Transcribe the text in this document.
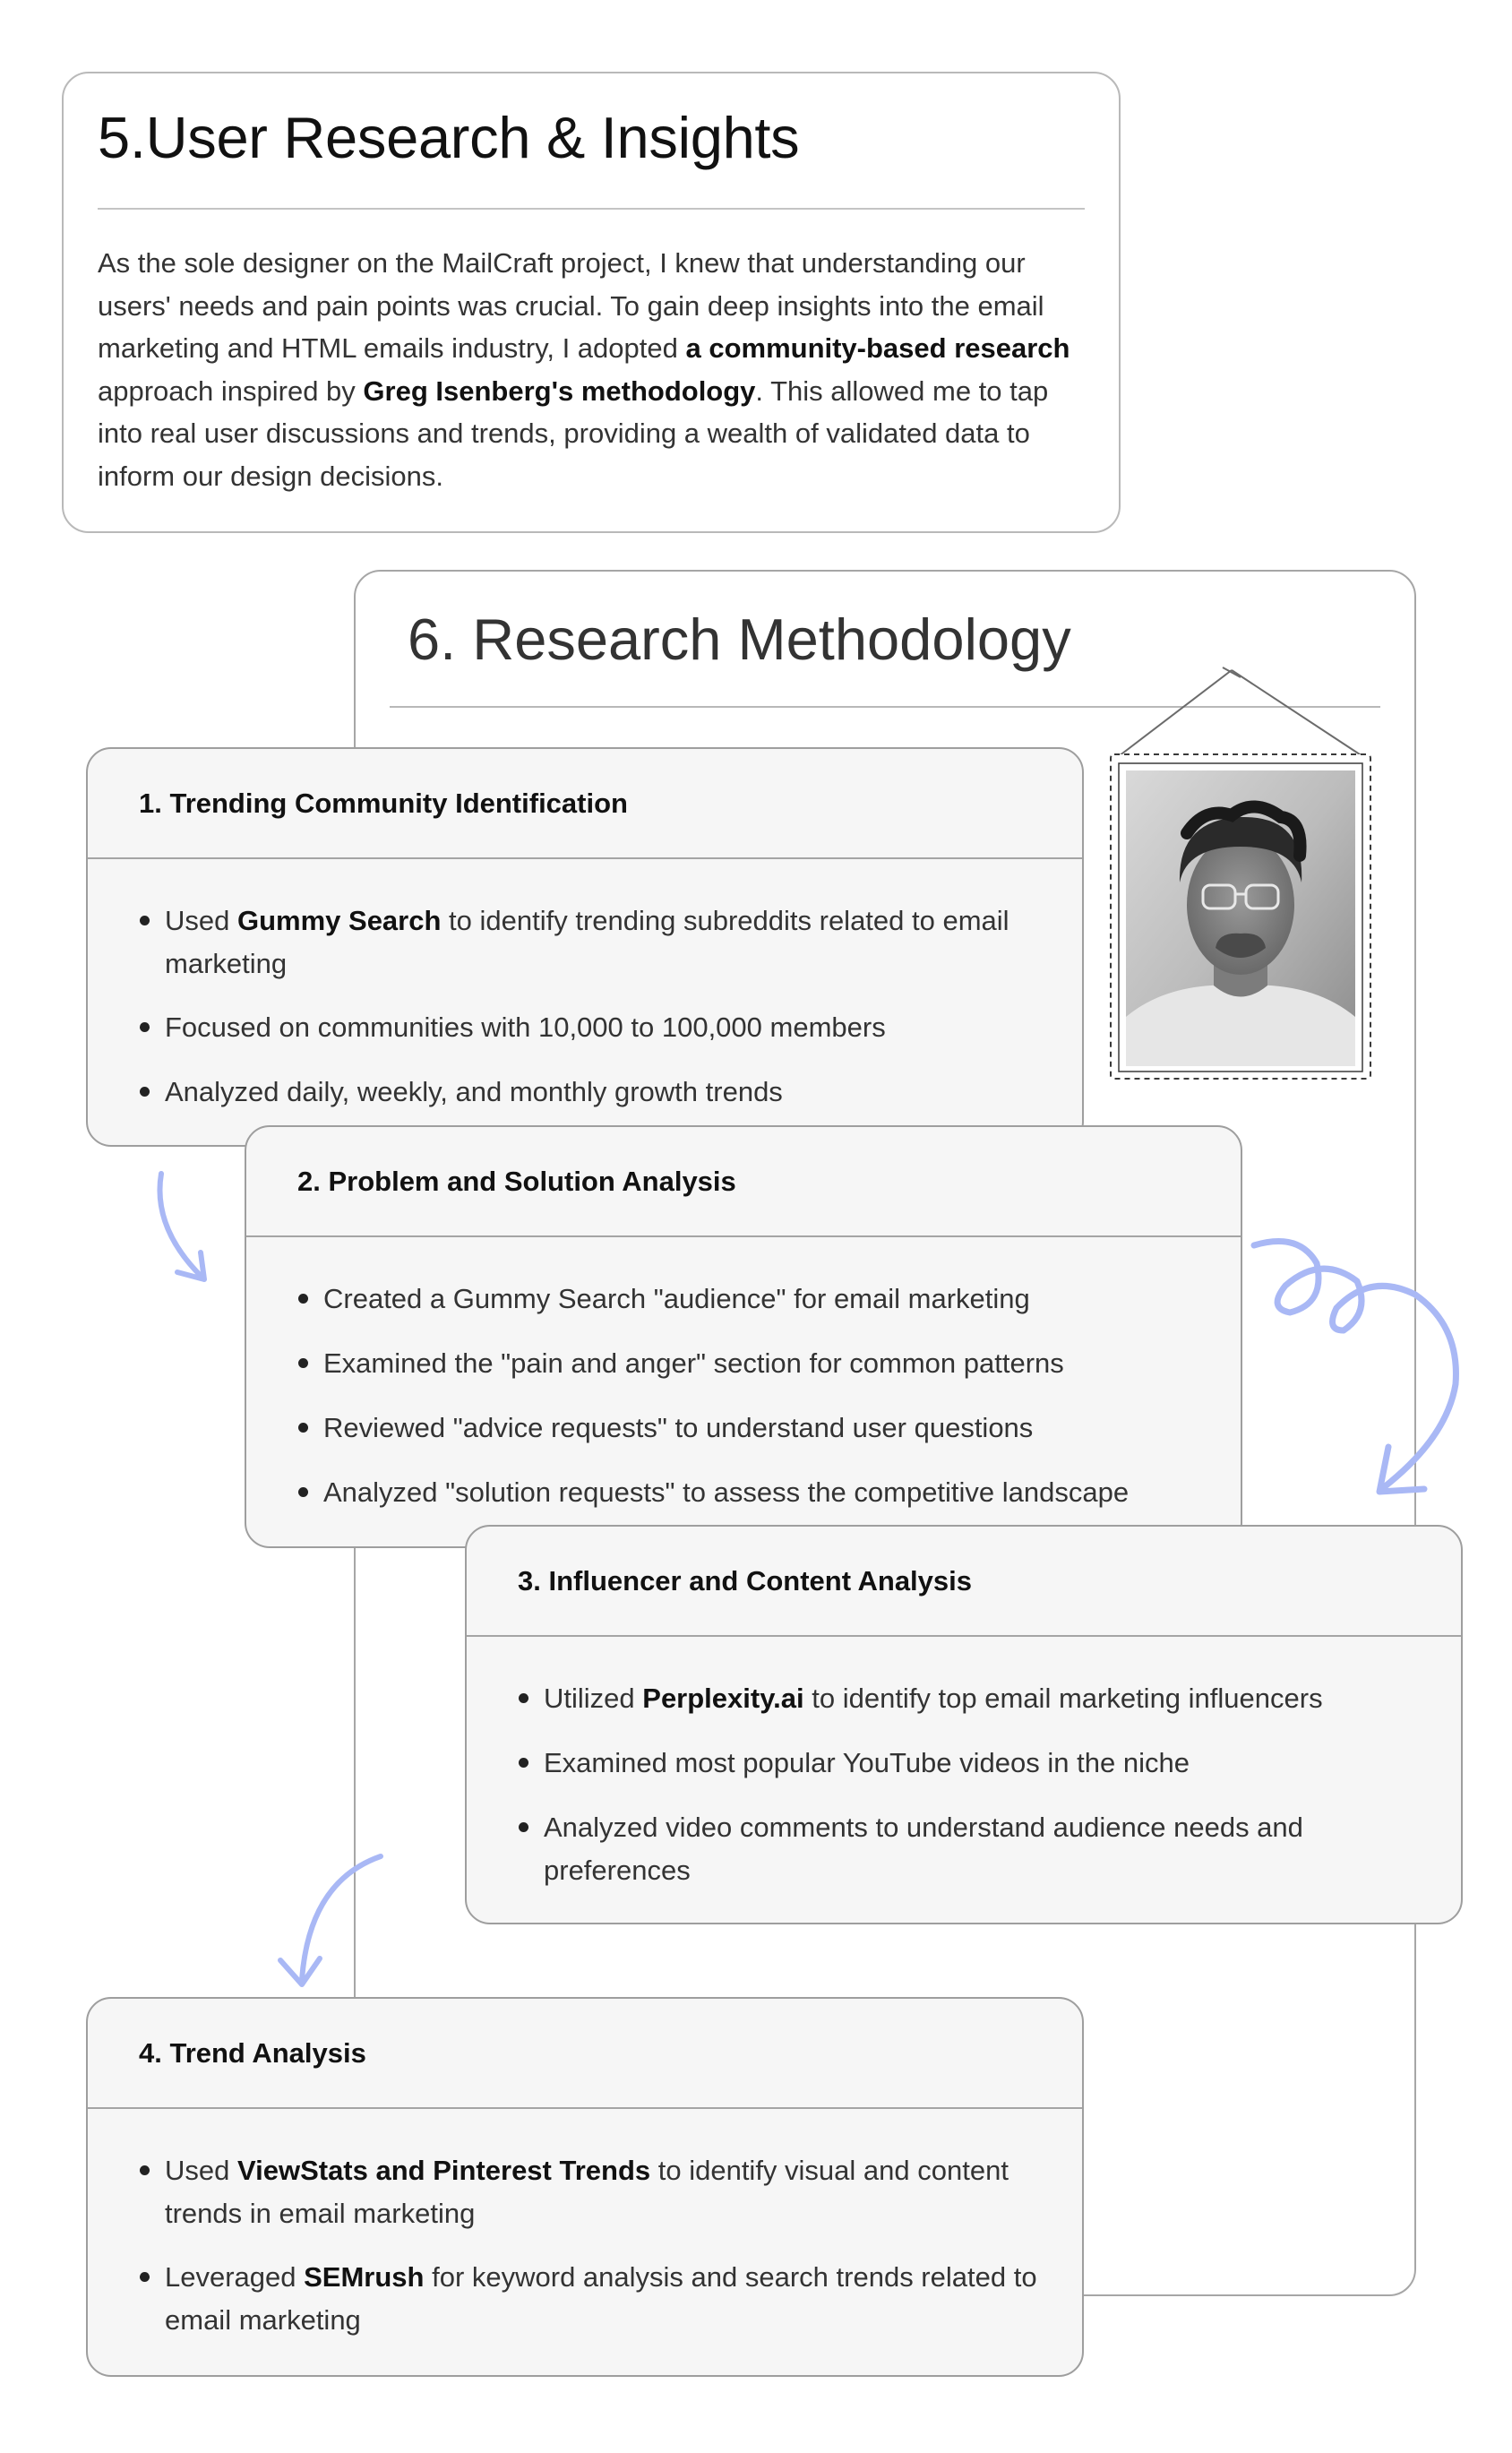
5.User Research & Insights

As the sole designer on the MailCraft project, I knew that understanding our users' needs and pain points was crucial. To gain deep insights into the email marketing and HTML emails industry, I adopted a community-based research approach inspired by Greg Isenberg's methodology. This allowed me to tap into real user discussions and trends, providing a wealth of validated data to inform our design decisions.

6. Research Methodology
1. Trending Community Identification
Used Gummy Search to identify trending subreddits related to email marketing
Focused on communities with 10,000 to 100,000 members
Analyzed daily, weekly, and monthly growth trends
2. Problem and Solution Analysis
Created a Gummy Search "audience" for email marketing
Examined the "pain and anger" section for common patterns
Reviewed "advice requests" to understand user questions
Analyzed "solution requests" to assess the competitive landscape
3. Influencer and Content Analysis
Utilized Perplexity.ai to identify top email marketing influencers
Examined most popular YouTube videos in the niche
Analyzed video comments to understand audience needs and preferences
4. Trend Analysis
Used ViewStats and Pinterest Trends to identify visual and content trends in email marketing
Leveraged SEMrush for keyword analysis and search trends related to email marketing
